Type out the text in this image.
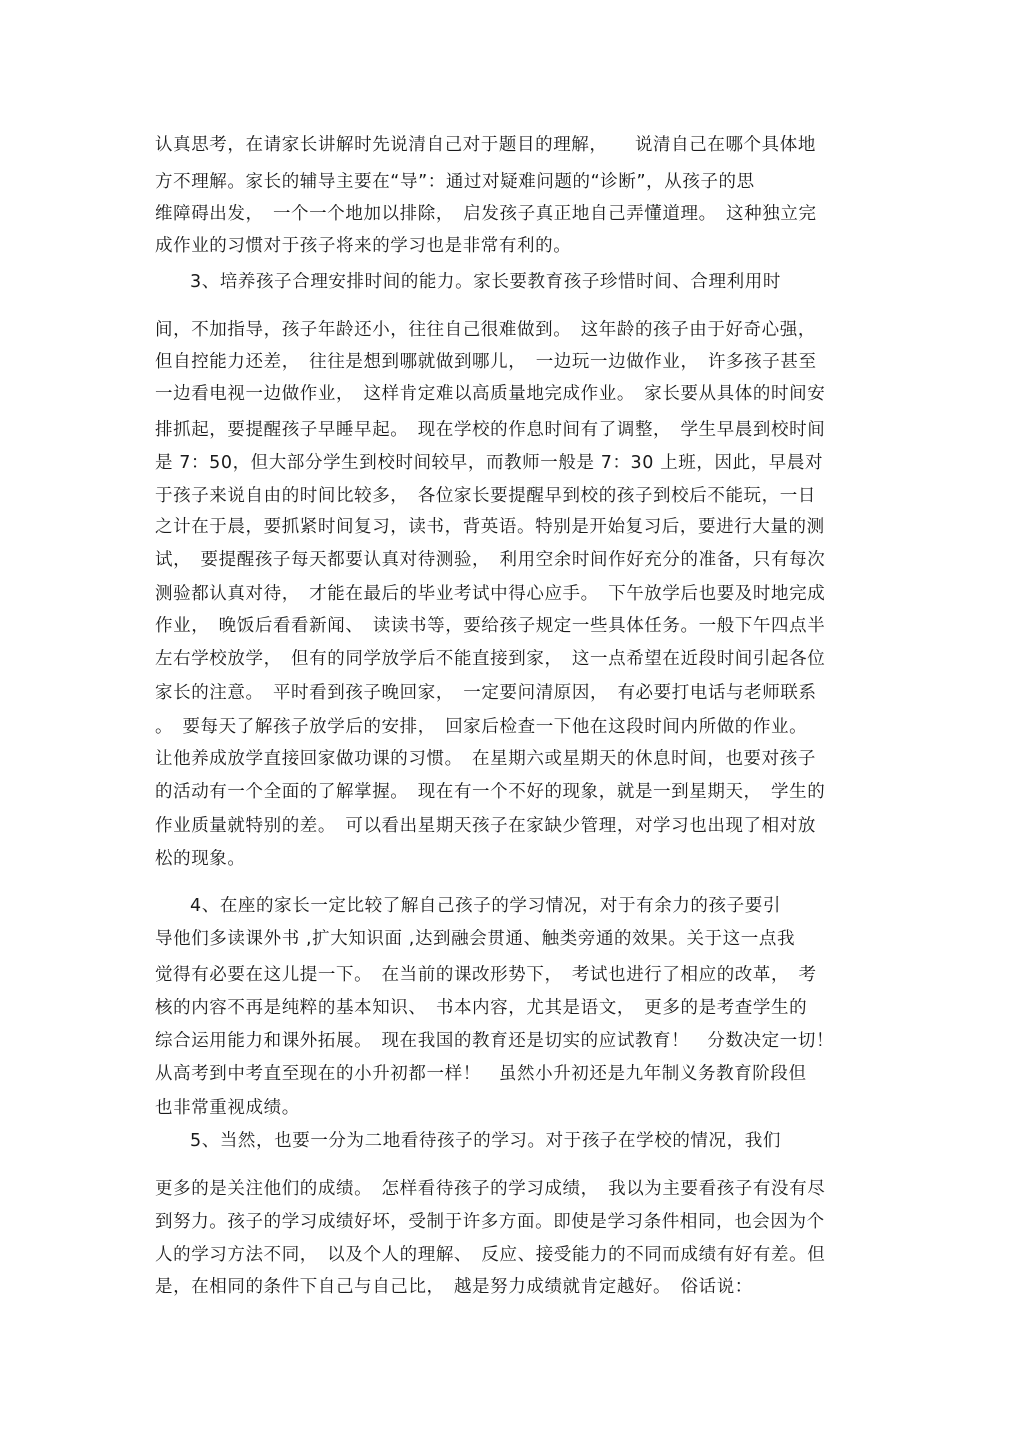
认真思考，在请家长讲解时先说清自己对于题目的理解，　　说清自己在哪个具体地
方不理解。家长的辅导主要在“导”：通过对疑难问题的“诊断”，从孩子的思
维障碍出发，　一个一个地加以排除，　启发孩子真正地自己弄懂道理。　这种独立完
成作业的习惯对于孩子将来的学习也是非常有利的。
3、培养孩子合理安排时间的能力。家长要教育孩子珍惜时间、合理利用时
间，不加指导，孩子年龄还小，往往自己很难做到。　这年龄的孩子由于好奇心强，
但自控能力还差，　往往是想到哪就做到哪儿，　一边玩一边做作业，　许多孩子甚至
一边看电视一边做作业，　这样肯定难以高质量地完成作业。　家长要从具体的时间安
排抓起，要提醒孩子早睡早起。　现在学校的作息时间有了调整，　学生早晨到校时间
是 7：50，但大部分学生到校时间较早，而教师一般是 7：30 上班，因此，早晨对
于孩子来说自由的时间比较多，　各位家长要提醒早到校的孩子到校后不能玩，一日
之计在于晨，要抓紧时间复习，读书，背英语。特别是开始复习后，要进行大量的测
试，　要提醒孩子每天都要认真对待测验，　利用空余时间作好充分的准备，只有每次
测验都认真对待，　才能在最后的毕业考试中得心应手。　下午放学后也要及时地完成
作业，　晚饭后看看新闻、　读读书等，要给孩子规定一些具体任务。一般下午四点半
左右学校放学，　但有的同学放学后不能直接到家，　这一点希望在近段时间引起各位
家长的注意。　平时看到孩子晚回家，　一定要问清原因，　有必要打电话与老师联系
。　要每天了解孩子放学后的安排，　回家后检查一下他在这段时间内所做的作业。
让他养成放学直接回家做功课的习惯。　在星期六或星期天的休息时间，也要对孩子
的活动有一个全面的了解掌握。　现在有一个不好的现象，就是一到星期天，　学生的
作业质量就特别的差。　可以看出星期天孩子在家缺少管理，对学习也出现了相对放
松的现象。
4、在座的家长一定比较了解自己孩子的学习情况，对于有余力的孩子要引
导他们多读课外书 ,扩大知识面 ,达到融会贯通、触类旁通的效果。关于这一点我
觉得有必要在这儿提一下。　在当前的课改形势下，　考试也进行了相应的改革，　考
核的内容不再是纯粹的基本知识、　书本内容，尤其是语文，　更多的是考查学生的
综合运用能力和课外拓展。　现在我国的教育还是切实的应试教育！　分数决定一切！
从高考到中考直至现在的小升初都一样！　虽然小升初还是九年制义务教育阶段但
也非常重视成绩。
5、当然，也要一分为二地看待孩子的学习。对于孩子在学校的情况，我们
更多的是关注他们的成绩。　怎样看待孩子的学习成绩，　我以为主要看孩子有没有尽
到努力。孩子的学习成绩好坏，受制于许多方面。即使是学习条件相同，也会因为个
人的学习方法不同，　以及个人的理解、　反应、接受能力的不同而成绩有好有差。但
是，在相同的条件下自己与自己比，　越是努力成绩就肯定越好。　俗话说：
